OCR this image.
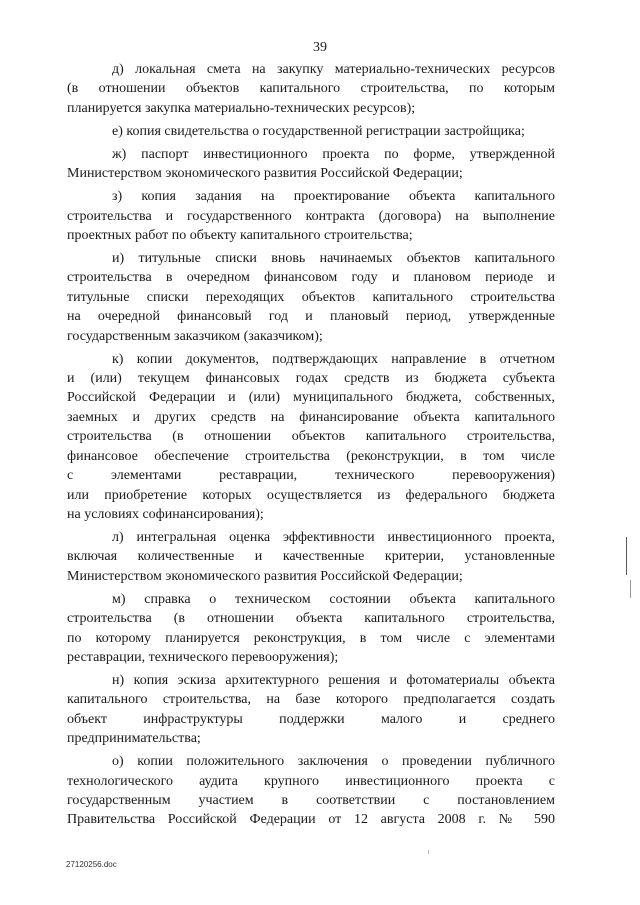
39
д) локальная смета на закупку материально-технических ресурсов
(в отношении объектов капитального строительства, по которым
планируется закупка материально-технических ресурсов);
е) копия свидетельства о государственной регистрации застройщика;
ж) паспорт инвестиционного проекта по форме, утвержденной
Министерством экономического развития Российской Федерации;
з) копия задания на проектирование объекта капитального
строительства и государственного контракта (договора) на выполнение
проектных работ по объекту капитального строительства;
и) титульные списки вновь начинаемых объектов капитального
строительства в очередном финансовом году и плановом периоде и
титульные списки переходящих объектов капитального строительства
на очередной финансовый год и плановый период, утвержденные
государственным заказчиком (заказчиком);
к) копии документов, подтверждающих направление в отчетном
и (или) текущем финансовых годах средств из бюджета субъекта
Российской Федерации и (или) муниципального бюджета, собственных,
заемных и других средств на финансирование объекта капитального
строительства (в отношении объектов капитального строительства,
финансовое обеспечение строительства (реконструкции, в том числе
с элементами реставрации, технического перевооружения)
или приобретение которых осуществляется из федерального бюджета
на условиях софинансирования);
л) интегральная оценка эффективности инвестиционного проекта,
включая количественные и качественные критерии, установленные
Министерством экономического развития Российской Федерации;
м) справка о техническом состоянии объекта капитального
строительства (в отношении объекта капитального строительства,
по которому планируется реконструкция, в том числе с элементами
реставрации, технического перевооружения);
н) копия эскиза архитектурного решения и фотоматериалы объекта
капитального строительства, на базе которого предполагается создать
объект инфраструктуры поддержки малого и среднего
предпринимательства;
о) копии положительного заключения о проведении публичного
технологического аудита крупного инвестиционного проекта с
государственным участием в соответствии с постановлением
Правительства Российской Федерации от 12 августа 2008 г. № 590
27120256.doc
